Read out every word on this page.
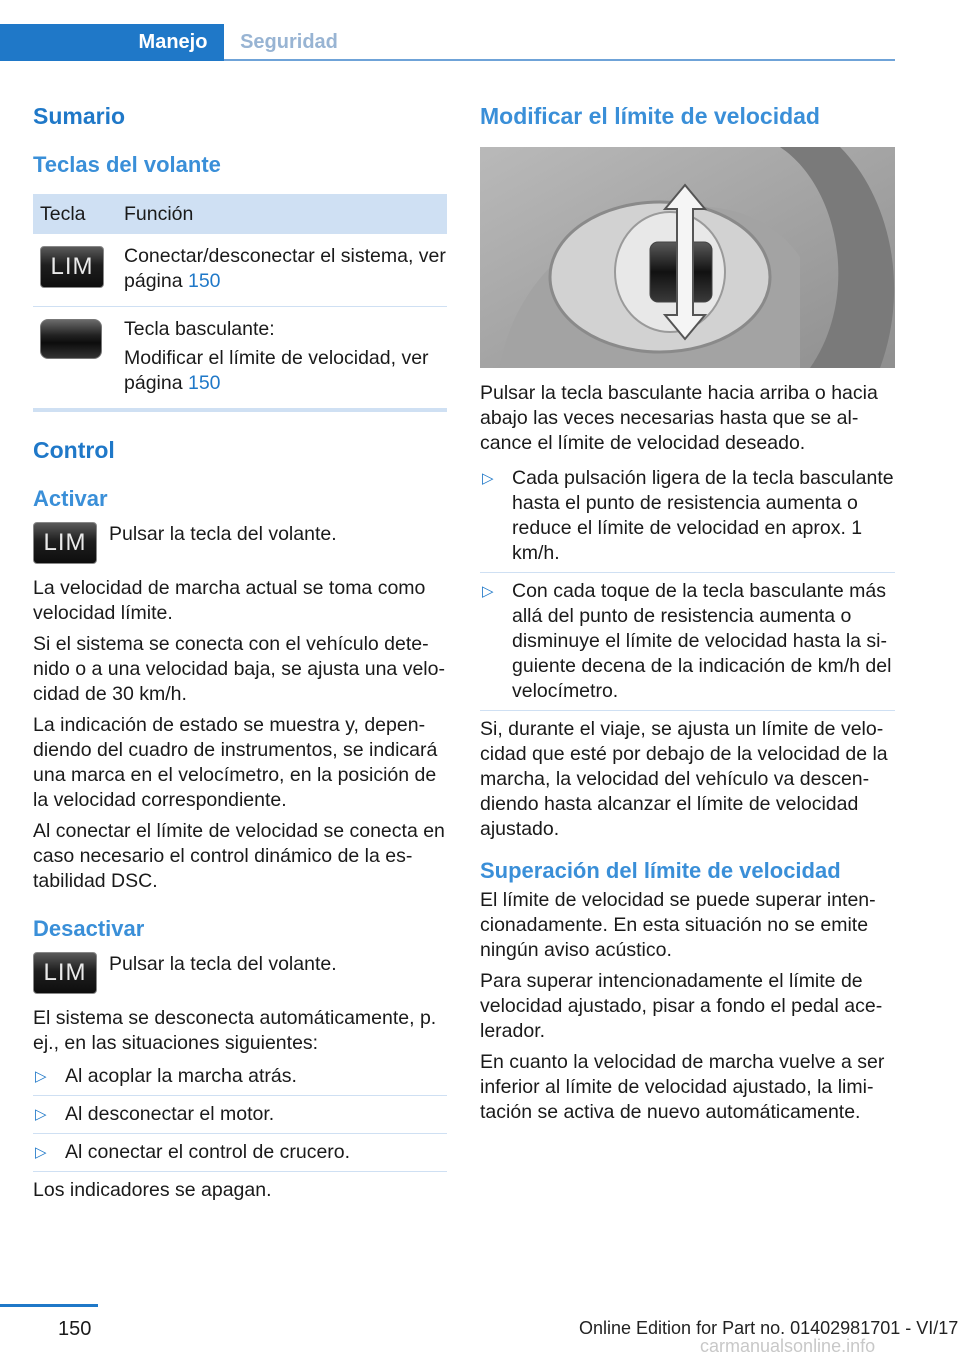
Manejo	Seguridad
Sumario
Teclas del volante
Tecla	Función
LIM	Conectar/desconectar el sistema, ver página 150

	Tecla basculante:
Modificar el límite de velocidad, ver página 150
Control
Activar
LIM	Pulsar la tecla del volante.

La velocidad de marcha actual se toma como velocidad límite.

Si el sistema se conecta con el vehículo detenido o a una velocidad baja, se ajusta una velocidad de 30 km/h.

La indicación de estado se muestra y, dependiendo del cuadro de instrumentos, se indicará una marca en el velocímetro, en la posición de la velocidad correspondiente.

Al conectar el límite de velocidad se conecta en caso necesario el control dinámico de la estabilidad DSC.

Desactivar
LIM	Pulsar la tecla del volante.

El sistema se desconecta automáticamente, p. ej., en las situaciones siguientes:

▷ Al acoplar la marcha atrás.
▷ Al desconectar el motor.
▷ Al conectar el control de crucero.

Los indicadores se apagan.

Modificar el límite de velocidad

Pulsar la tecla basculante hacia arriba o hacia abajo las veces necesarias hasta que se alcance el límite de velocidad deseado.

▷ Cada pulsación ligera de la tecla basculante hasta el punto de resistencia aumenta o reduce el límite de velocidad en aprox. 1 km/h.
▷ Con cada toque de la tecla basculante más allá del punto de resistencia aumenta o disminuye el límite de velocidad hasta la siguiente decena de la indicación de km/h del velocímetro.

Si, durante el viaje, se ajusta un límite de velocidad que esté por debajo de la velocidad de la marcha, la velocidad del vehículo va descendiendo hasta alcanzar el límite de velocidad ajustado.

Superación del límite de velocidad

El límite de velocidad se puede superar intencionadamente. En esta situación no se emite ningún aviso acústico.

Para superar intencionadamente el límite de velocidad ajustado, pisar a fondo el pedal acelerador.

En cuanto la velocidad de marcha vuelve a ser inferior al límite de velocidad ajustado, la limitación se activa de nuevo automáticamente.

150	Online Edition for Part no. 01402981701 - VI/17
carmanualsonline.info
